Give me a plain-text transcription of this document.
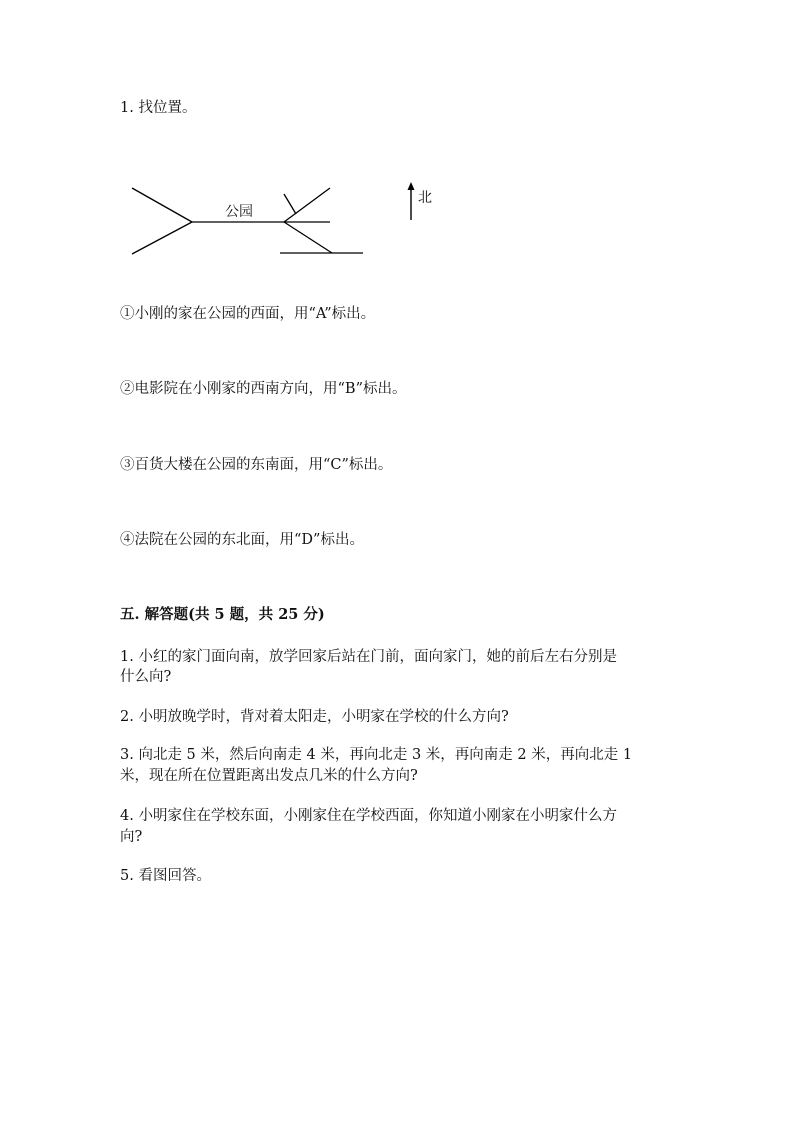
1. 找位置。
公园
北
①小刚的家在公园的西面，用“A”标出。
②电影院在小刚家的西南方向，用“B”标出。
③百货大楼在公园的东南面，用“C”标出。
④法院在公园的东北面，用“D”标出。
五. 解答题(共 5 题，共 25 分)
1. 小红的家门面向南，放学回家后站在门前，面向家门，她的前后左右分别是
什么向?
2. 小明放晚学时，背对着太阳走，小明家在学校的什么方向?
3. 向北走 5 米，然后向南走 4 米，再向北走 3 米，再向南走 2 米，再向北走 1
米，现在所在位置距离出发点几米的什么方向?
4. 小明家住在学校东面，小刚家住在学校西面，你知道小刚家在小明家什么方
向?
5. 看图回答。
